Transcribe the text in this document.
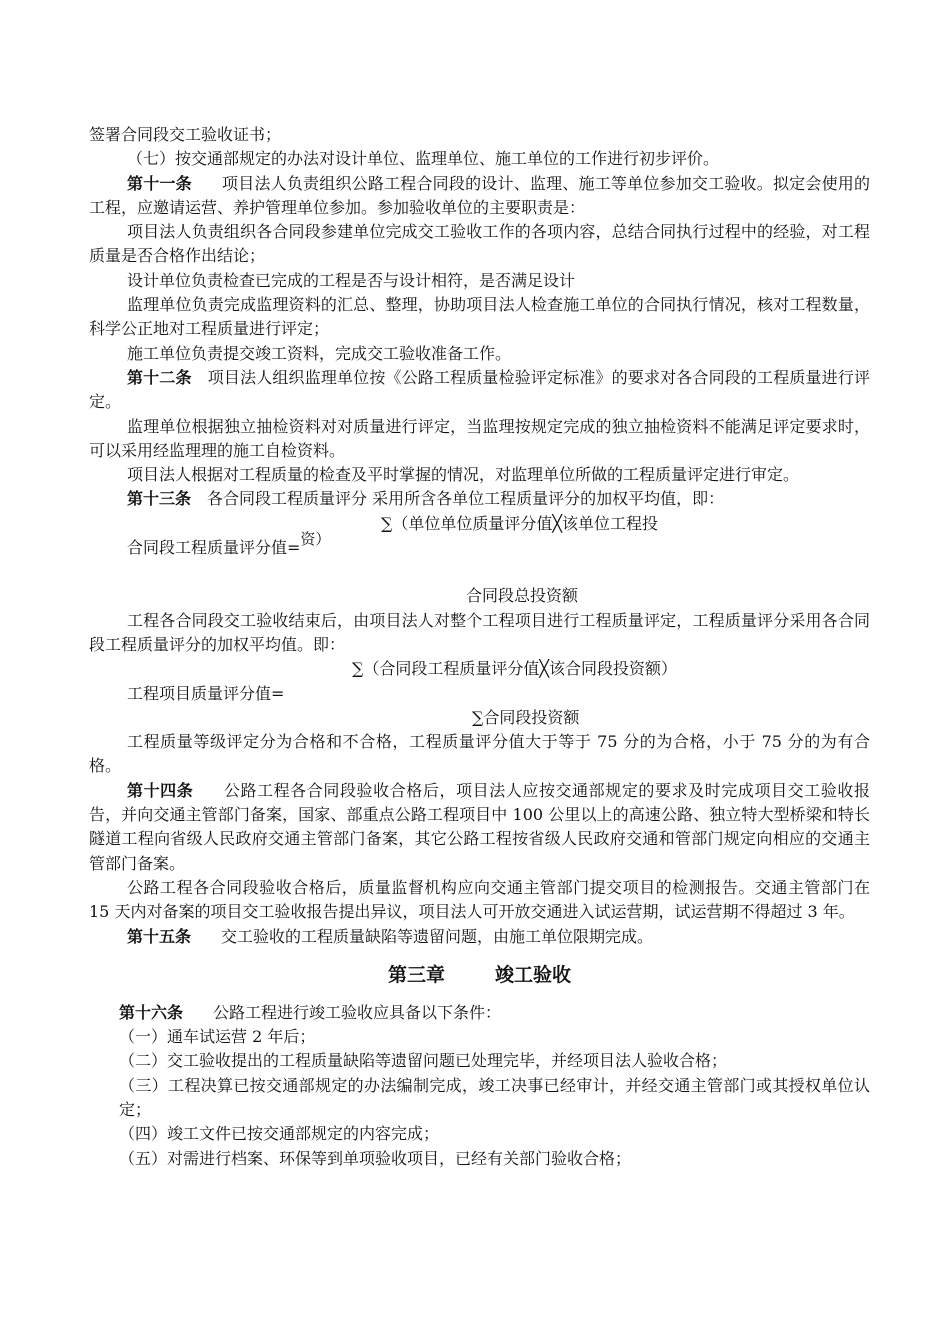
签署合同段交工验收证书；

（七）按交通部规定的办法对设计单位、监理单位、施工单位的工作进行初步评价。

第十一条 项目法人负责组织公路工程合同段的设计、监理、施工等单位参加交工验收。拟定会使用的工程，应邀请运营、养护管理单位参加。参加验收单位的主要职责是：

项目法人负责组织各合同段参建单位完成交工验收工作的各项内容，总结合同执行过程中的经验，对工程质量是否合格作出结论；

设计单位负责检查已完成的工程是否与设计相符，是否满足设计

监理单位负责完成监理资料的汇总、整理，协助项目法人检查施工单位的合同执行情况，核对工程数量，科学公正地对工程质量进行评定；

施工单位负责提交竣工资料，完成交工验收准备工作。

第十二条 项目法人组织监理单位按《公路工程质量检验评定标准》的要求对各合同段的工程质量进行评定。

监理单位根据独立抽检资料对对质量进行评定，当监理按规定完成的独立抽检资料不能满足评定要求时，可以采用经监理理的施工自检资料。

项目法人根据对工程质量的检查及平时掌握的情况，对监理单位所做的工程质量评定进行审定。

第十三条 各合同段工程质量评分 采用所含各单位工程质量评分的加权平均值，即：

∑（单位单位质量评分值╳该单位工程投

合同段工程质量评分值=资）

合同段总投资额

工程各合同段交工验收结束后，由项目法人对整个工程项目进行工程质量评定，工程质量评分采用各合同段工程质量评分的加权平均值。即：

∑（合同段工程质量评分值╳该合同段投资额）

工程项目质量评分值=

∑合同段投资额

工程质量等级评定分为合格和不合格，工程质量评分值大于等于 75 分的为合格，小于 75 分的为有合格。

第十四条 公路工程各合同段验收合格后，项目法人应按交通部规定的要求及时完成项目交工验收报告，并向交通主管部门备案，国家、部重点公路工程项目中 100 公里以上的高速公路、独立特大型桥梁和特长隧道工程向省级人民政府交通主管部门备案，其它公路工程按省级人民政府交通和管部门规定向相应的交通主管部门备案。

公路工程各合同段验收合格后，质量监督机构应向交通主管部门提交项目的检测报告。交通主管部门在 15 天内对备案的项目交工验收报告提出异议，项目法人可开放交通进入试运营期，试运营期不得超过 3 年。

第十五条 交工验收的工程质量缺陷等遗留问题，由施工单位限期完成。

第三章	竣工验收

第十六条 公路工程进行竣工验收应具备以下条件：

（一）通车试运营 2 年后；

（二）交工验收提出的工程质量缺陷等遗留问题已处理完毕，并经项目法人验收合格；

（三）工程决算已按交通部规定的办法编制完成，竣工决事已经审计，并经交通主管部门或其授权单位认定；

（四）竣工文件已按交通部规定的内容完成；

（五）对需进行档案、环保等到单项验收项目，已经有关部门验收合格；
